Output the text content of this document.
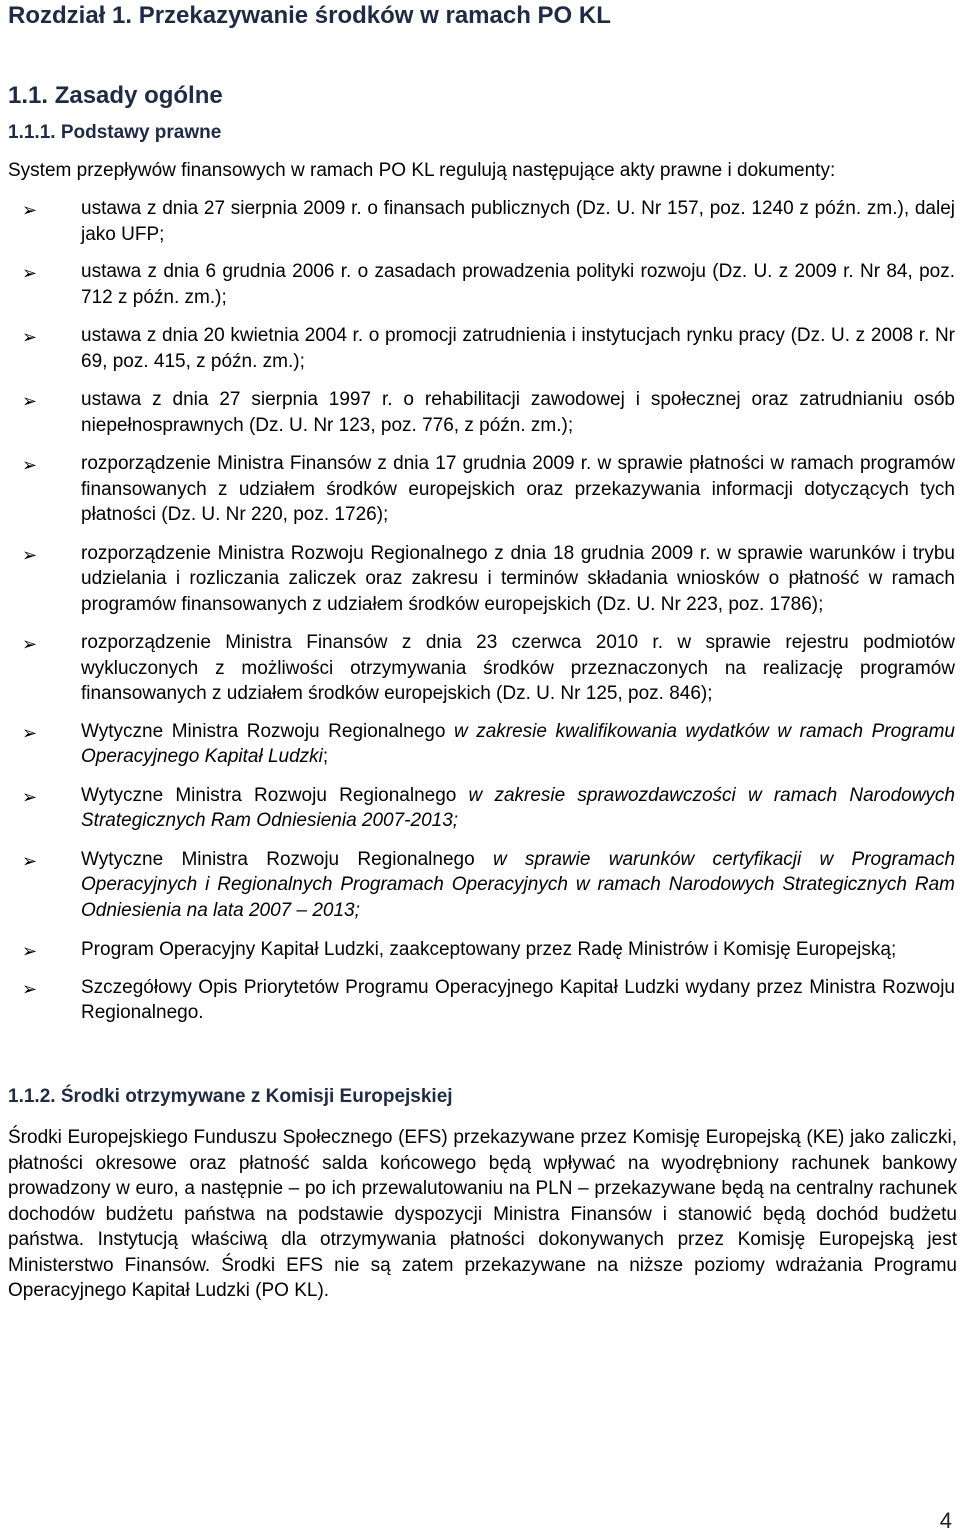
Rozdział 1. Przekazywanie środków w ramach PO KL
1.1. Zasady ogólne
1.1.1. Podstawy prawne
System przepływów finansowych w ramach PO KL regulują następujące akty prawne i dokumenty:
➢ ustawa z dnia 27 sierpnia 2009 r. o finansach publicznych (Dz. U. Nr 157, poz. 1240 z późn. zm.), dalej jako UFP;
➢ ustawa z dnia 6 grudnia 2006 r. o zasadach prowadzenia polityki rozwoju (Dz. U. z 2009 r. Nr 84, poz. 712 z późn. zm.);
➢ ustawa z dnia 20 kwietnia 2004 r. o promocji zatrudnienia i instytucjach rynku pracy (Dz. U. z 2008 r. Nr 69, poz. 415, z późn. zm.);
➢ ustawa z dnia 27 sierpnia 1997 r. o rehabilitacji zawodowej i społecznej oraz zatrudnianiu osób niepełnosprawnych (Dz. U. Nr 123, poz. 776, z późn. zm.);
➢ rozporządzenie Ministra Finansów z dnia 17 grudnia 2009 r. w sprawie płatności w ramach programów finansowanych z udziałem środków europejskich oraz przekazywania informacji dotyczących tych płatności (Dz. U. Nr 220, poz. 1726);
➢ rozporządzenie Ministra Rozwoju Regionalnego z dnia 18 grudnia 2009 r. w sprawie warunków i trybu udzielania i rozliczania zaliczek oraz zakresu i terminów składania wniosków o płatność w ramach programów finansowanych z udziałem środków europejskich (Dz. U. Nr 223, poz. 1786);
➢ rozporządzenie Ministra Finansów z dnia 23 czerwca 2010 r. w sprawie rejestru podmiotów wykluczonych z możliwości otrzymywania środków przeznaczonych na realizację programów finansowanych z udziałem środków europejskich (Dz. U. Nr 125, poz. 846);
➢ Wytyczne Ministra Rozwoju Regionalnego w zakresie kwalifikowania wydatków w ramach Programu Operacyjnego Kapitał Ludzki;
➢ Wytyczne Ministra Rozwoju Regionalnego w zakresie sprawozdawczości w ramach Narodowych Strategicznych Ram Odniesienia 2007-2013;
➢ Wytyczne Ministra Rozwoju Regionalnego w sprawie warunków certyfikacji w Programach Operacyjnych i Regionalnych Programach Operacyjnych w ramach Narodowych Strategicznych Ram Odniesienia na lata 2007 – 2013;
➢ Program Operacyjny Kapitał Ludzki, zaakceptowany przez Radę Ministrów i Komisję Europejską;
➢ Szczegółowy Opis Priorytetów Programu Operacyjnego Kapitał Ludzki wydany przez Ministra Rozwoju Regionalnego.
1.1.2. Środki otrzymywane z Komisji Europejskiej
Środki Europejskiego Funduszu Społecznego (EFS) przekazywane przez Komisję Europejską (KE) jako zaliczki, płatności okresowe oraz płatność salda końcowego będą wpływać na wyodrębniony rachunek bankowy prowadzony w euro, a następnie – po ich przewalutowaniu na PLN – przekazywane będą na centralny rachunek dochodów budżetu państwa na podstawie dyspozycji Ministra Finansów i stanowić będą dochód budżetu państwa. Instytucją właściwą dla otrzymywania płatności dokonywanych przez Komisję Europejską jest Ministerstwo Finansów. Środki EFS nie są zatem przekazywane na niższe poziomy wdrażania Programu Operacyjnego Kapitał Ludzki (PO KL).
4
